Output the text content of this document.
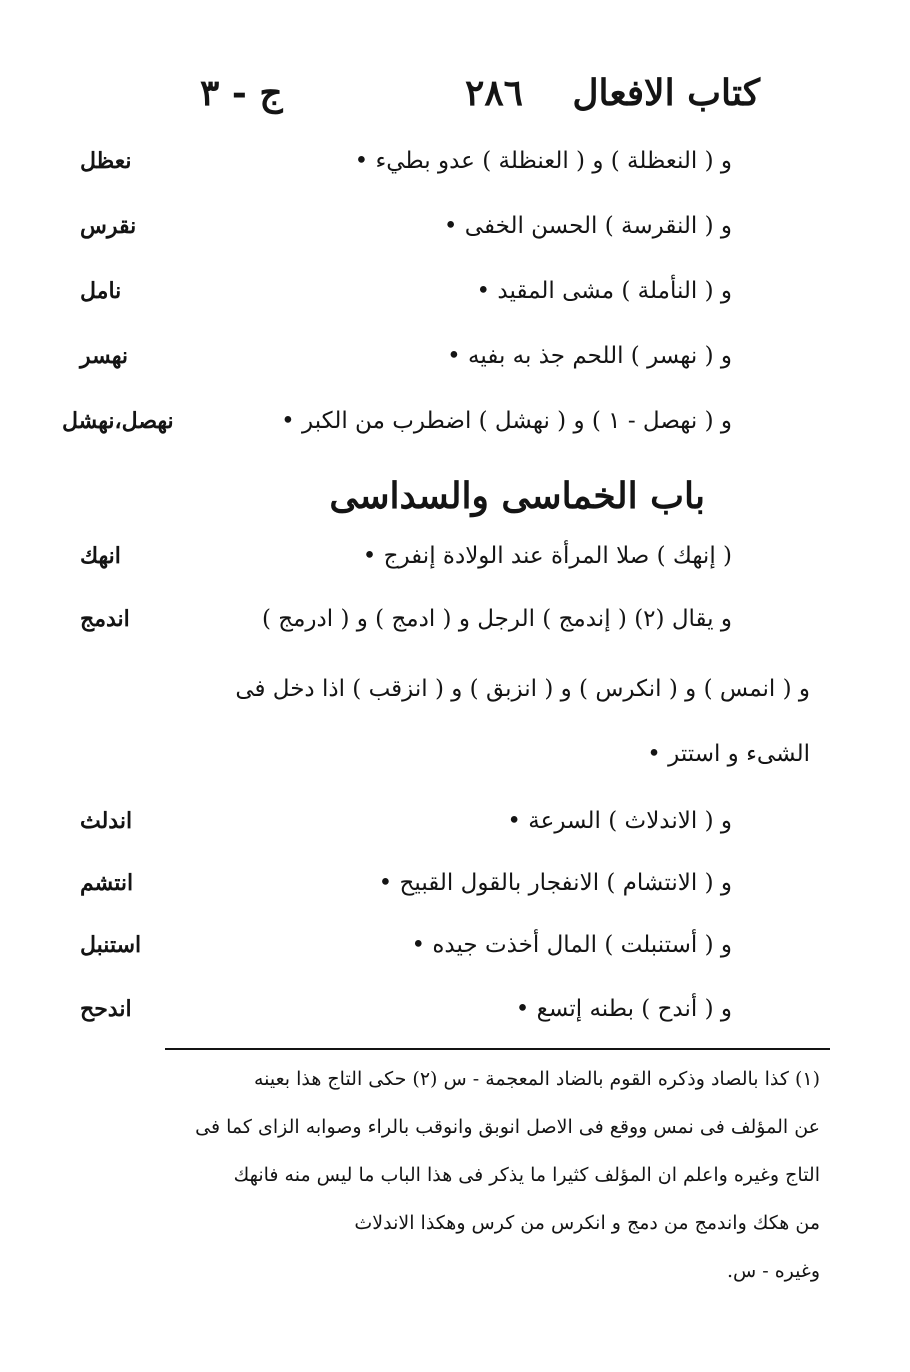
كتاب الافعال
٢٨٦
ج - ٣
و ( النعظلة ) و ( العنظلة ) عدو بطيء •
نعظل
و ( النقرسة ) الحسن الخفى •
نقرس
و ( النأملة ) مشى المقيد •
نامل
و ( نهسر ) اللحم جذ به بفيه •
نهسر
و ( نهصل - ١ ) و ( نهشل ) اضطرب من الكبر •
نهصل،نهشل
باب الخماسى والسداسى
( إنهك ) صلا المرأة عند الولادة إنفرج •
انهك
و يقال (٢) ( إندمج ) الرجل و ( ادمج ) و ( ادرمج )
اندمج
و ( انمس ) و ( انكرس ) و ( انزبق ) و ( انزقب ) اذا دخل فى
الشىء و استتر •
و ( الاندلاث ) السرعة •
اندلث
و ( الانتشام ) الانفجار بالقول القبيح •
انتشم
و ( أستنبلت ) المال أخذت جيده •
استنبل
و ( أندح ) بطنه إتسع •
اندحح
(١) كذا بالصاد وذكره القوم بالضاد المعجمة - س (٢) حكى التاج هذا بعينه
عن المؤلف فى نمس ووقع فى الاصل انوبق وانوقب بالراء وصوابه الزاى كما فى
التاج وغيره واعلم ان المؤلف كثيرا ما يذكر فى هذا الباب ما ليس منه فانهك
من هكك واندمج من دمج و انكرس من كرس وهكذا الاندلاث
وغيره - س.
